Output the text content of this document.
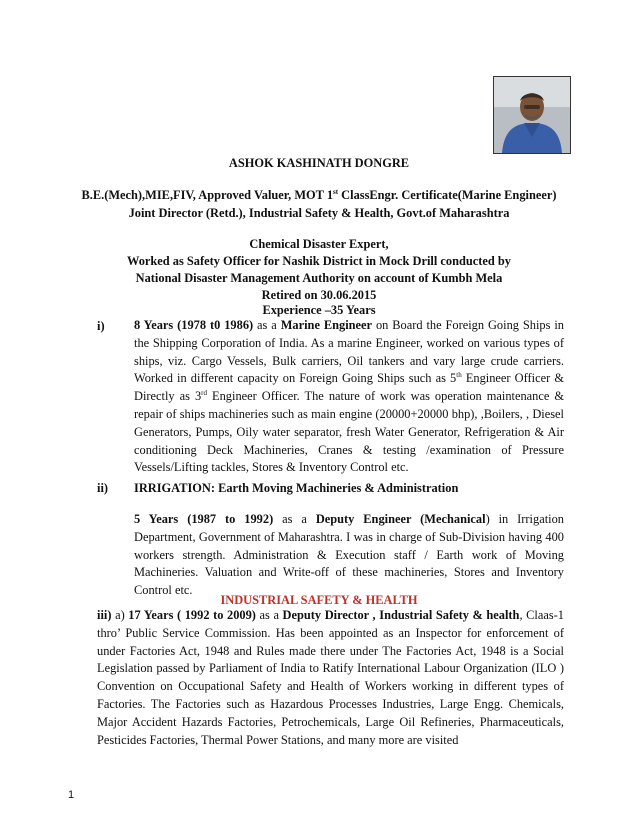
ASHOK KASHINATH DONGRE
B.E.(Mech),MIE,FIV, Approved Valuer, MOT 1st ClassEngr. Certificate(Marine Engineer)
Joint Director (Retd.), Industrial Safety & Health, Govt.of Maharashtra
Chemical Disaster Expert,
Worked as Safety Officer for Nashik District in Mock Drill conducted by
National Disaster Management Authority on account of Kumbh Mela
Retired on 30.06.2015
Experience –35 Years
i) 8 Years (1978 t0 1986) as a Marine Engineer on Board the Foreign Going Ships in the Shipping Corporation of India. As a marine Engineer, worked on various types of ships, viz. Cargo Vessels, Bulk carriers, Oil tankers and vary large crude carriers. Worked in different capacity on Foreign Going Ships such as 5th Engineer Officer & Directly as 3rd Engineer Officer. The nature of work was operation maintenance & repair of ships machineries such as main engine (20000+20000 bhp), ,Boilers, , Diesel Generators, Pumps, Oily water separator, fresh Water Generator, Refrigeration & Air conditioning Deck Machineries, Cranes & testing /examination of Pressure Vessels/Lifting tackles, Stores & Inventory Control etc.
ii) IRRIGATION: Earth Moving Machineries & Administration
5 Years (1987 to 1992) as a Deputy Engineer (Mechanical) in Irrigation Department, Government of Maharashtra. I was in charge of Sub-Division having 400 workers strength. Administration & Execution staff / Earth work of Moving Machineries. Valuation and Write-off of these machineries, Stores and Inventory Control etc.
INDUSTRIAL SAFETY & HEALTH
iii) a) 17 Years ( 1992 to 2009) as a Deputy Director , Industrial Safety & health, Claas-1 thro’ Public Service Commission. Has been appointed as an Inspector for enforcement of under Factories Act, 1948 and Rules made there under The Factories Act, 1948 is a Social Legislation passed by Parliament of India to Ratify International Labour Organization (ILO ) Convention on Occupational Safety and Health of Workers working in different types of Factories. The Factories such as Hazardous Processes Industries, Large Engg. Chemicals, Major Accident Hazards Factories, Petrochemicals, Large Oil Refineries, Pharmaceuticals, Pesticides Factories, Thermal Power Stations, and many more are visited
1
